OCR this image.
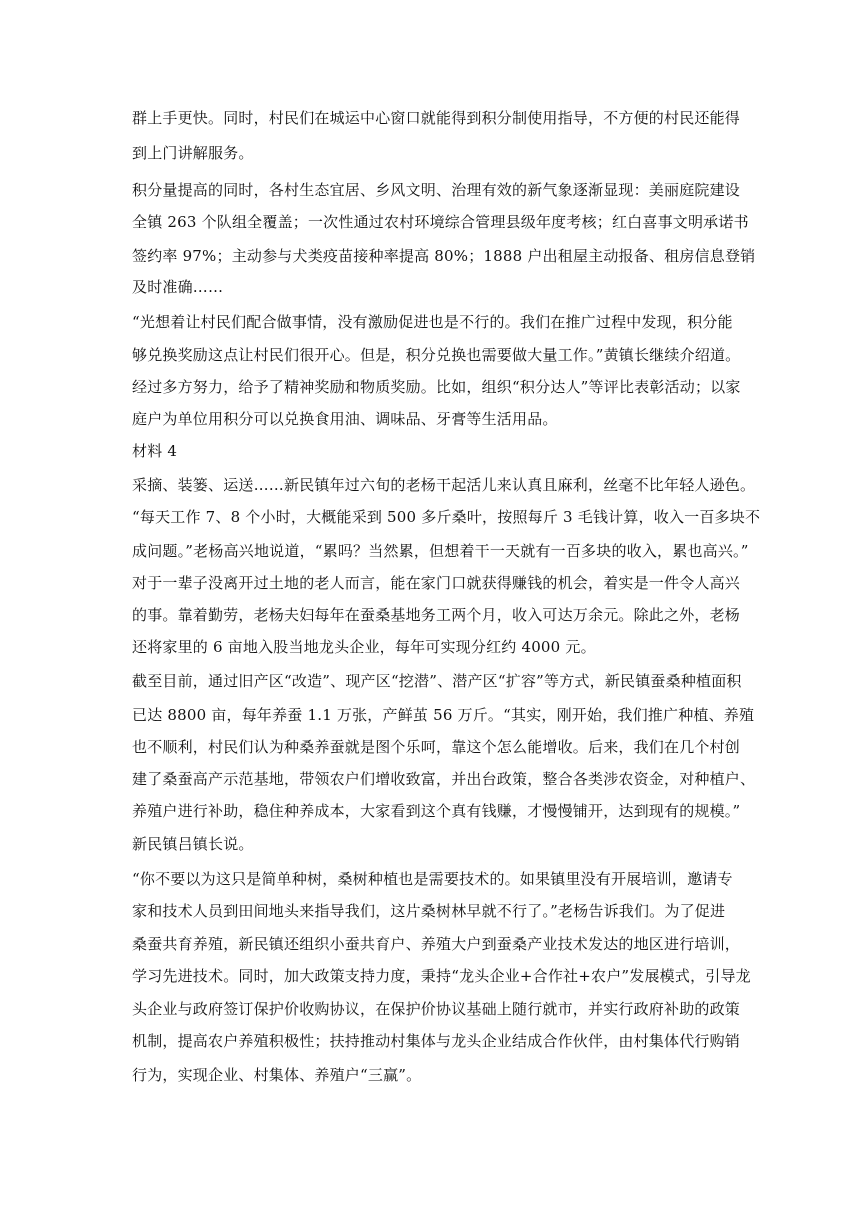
群上手更快。同时，村民们在城运中心窗口就能得到积分制使用指导，不方便的村民还能得
到上门讲解服务。
积分量提高的同时，各村生态宜居、乡风文明、治理有效的新气象逐渐显现：美丽庭院建设
全镇 263 个队组全覆盖；一次性通过农村环境综合管理县级年度考核；红白喜事文明承诺书
签约率 97%；主动参与犬类疫苗接种率提高 80%；1888 户出租屋主动报备、租房信息登销
及时准确……
“光想着让村民们配合做事情，没有激励促进也是不行的。我们在推广过程中发现，积分能
够兑换奖励这点让村民们很开心。但是，积分兑换也需要做大量工作。”黄镇长继续介绍道。
经过多方努力，给予了精神奖励和物质奖励。比如，组织“积分达人”等评比表彰活动；以家
庭户为单位用积分可以兑换食用油、调味品、牙膏等生活用品。
材料 4
采摘、装篓、运送……新民镇年过六旬的老杨干起活儿来认真且麻利，丝毫不比年轻人逊色。
“每天工作 7、8 个小时，大概能采到 500 多斤桑叶，按照每斤 3 毛钱计算，收入一百多块不
成问题。”老杨高兴地说道，“累吗？当然累，但想着干一天就有一百多块的收入，累也高兴。”
对于一辈子没离开过土地的老人而言，能在家门口就获得赚钱的机会，着实是一件令人高兴
的事。靠着勤劳，老杨夫妇每年在蚕桑基地务工两个月，收入可达万余元。除此之外，老杨
还将家里的 6 亩地入股当地龙头企业，每年可实现分红约 4000 元。
截至目前，通过旧产区“改造”、现产区“挖潜”、潜产区“扩容”等方式，新民镇蚕桑种植面积
已达 8800 亩，每年养蚕 1.1 万张，产鲜茧 56 万斤。“其实，刚开始，我们推广种植、养殖
也不顺利，村民们认为种桑养蚕就是图个乐呵，靠这个怎么能增收。后来，我们在几个村创
建了桑蚕高产示范基地，带领农户们增收致富，并出台政策，整合各类涉农资金，对种植户、
养殖户进行补助，稳住种养成本，大家看到这个真有钱赚，才慢慢铺开，达到现有的规模。”
新民镇吕镇长说。
“你不要以为这只是简单种树，桑树种植也是需要技术的。如果镇里没有开展培训，邀请专
家和技术人员到田间地头来指导我们，这片桑树林早就不行了。”老杨告诉我们。为了促进
桑蚕共育养殖，新民镇还组织小蚕共育户、养殖大户到蚕桑产业技术发达的地区进行培训，
学习先进技术。同时，加大政策支持力度，秉持“龙头企业+合作社+农户”发展模式，引导龙
头企业与政府签订保护价收购协议，在保护价协议基础上随行就市，并实行政府补助的政策
机制，提高农户养殖积极性；扶持推动村集体与龙头企业结成合作伙伴，由村集体代行购销
行为，实现企业、村集体、养殖户“三赢”。
